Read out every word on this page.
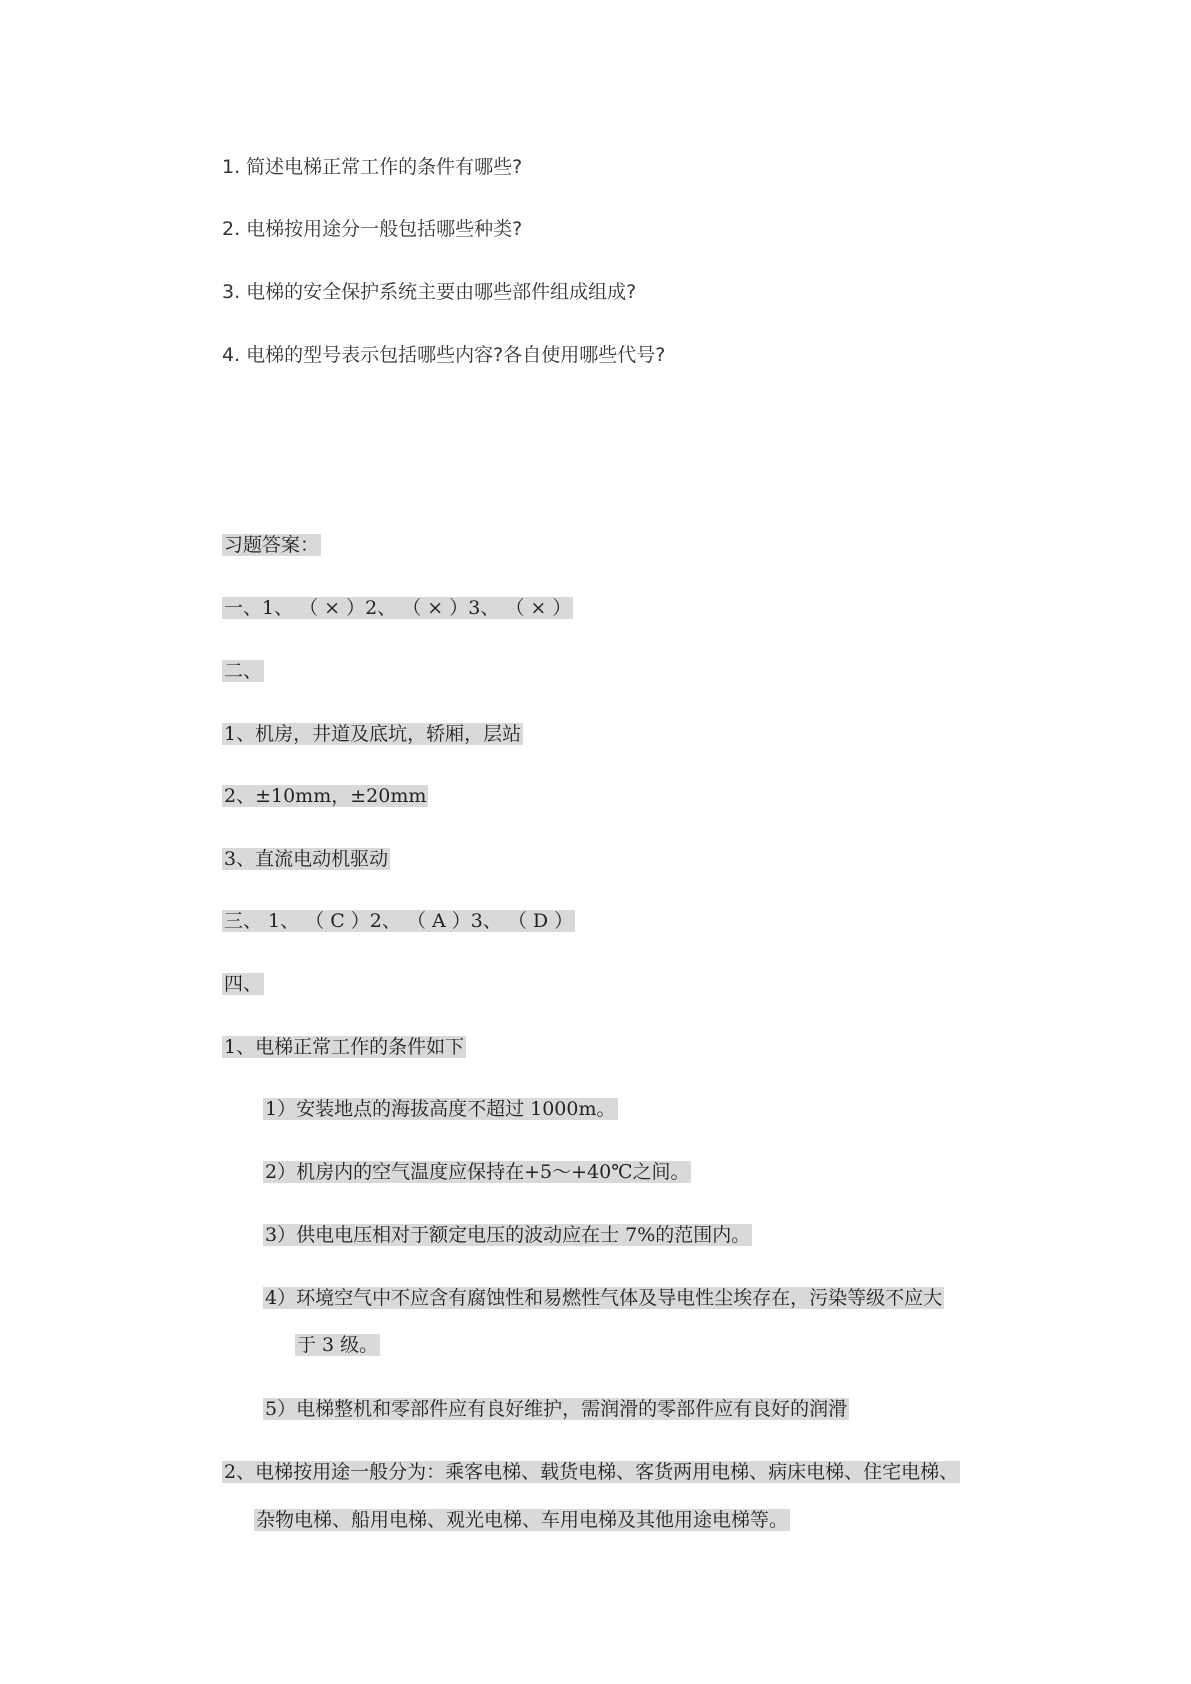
1. 简述电梯正常工作的条件有哪些?
2. 电梯按用途分一般包括哪些种类?
3. 电梯的安全保护系统主要由哪些部件组成组成?
4. 电梯的型号表示包括哪些内容?各自使用哪些代号?
习题答案：
一、1、 （ × ）2、 （ × ）3、 （ × ）
二、
1、机房，井道及底坑，轿厢，层站
2、±10mm，±20mm
3、直流电动机驱动
三、 1、 （ C ）2、 （ A ）3、 （ D ）
四、
1、电梯正常工作的条件如下
1）安装地点的海拔高度不超过 1000m。
2）机房内的空气温度应保持在+5～+40℃之间。
3）供电电压相对于额定电压的波动应在士 7%的范围内。
4）环境空气中不应含有腐蚀性和易燃性气体及导电性尘埃存在，污染等级不应大
于 3 级。
5）电梯整机和零部件应有良好维护，需润滑的零部件应有良好的润滑
2、电梯按用途一般分为：乘客电梯、载货电梯、客货两用电梯、病床电梯、住宅电梯、
杂物电梯、船用电梯、观光电梯、车用电梯及其他用途电梯等。
